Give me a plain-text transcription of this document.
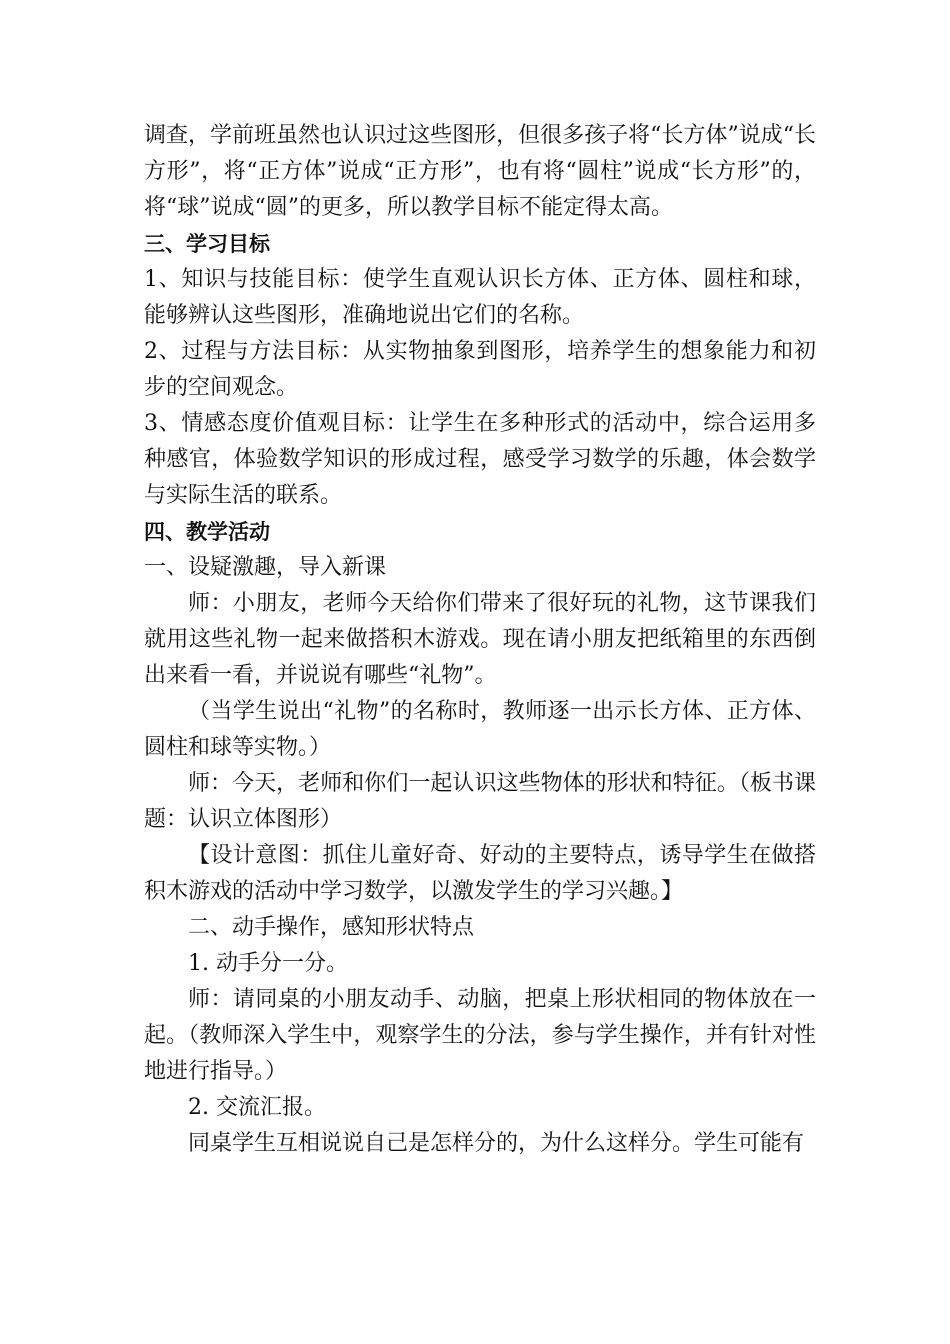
调查，学前班虽然也认识过这些图形，但很多孩子将“长方体”说成“长方形”，将“正方体”说成“正方形”，也有将“圆柱”说成“长方形”的，将“球”说成“圆”的更多，所以教学目标不能定得太高。

三、学习目标

1、知识与技能目标：使学生直观认识长方体、正方体、圆柱和球，能够辨认这些图形，准确地说出它们的名称。

2、过程与方法目标：从实物抽象到图形，培养学生的想象能力和初步的空间观念。

3、情感态度价值观目标：让学生在多种形式的活动中，综合运用多种感官，体验数学知识的形成过程，感受学习数学的乐趣，体会数学与实际生活的联系。

四、教学活动

一、设疑激趣，导入新课

师：小朋友，老师今天给你们带来了很好玩的礼物，这节课我们就用这些礼物一起来做搭积木游戏。现在请小朋友把纸箱里的东西倒出来看一看，并说说有哪些“礼物”。

（当学生说出“礼物”的名称时，教师逐一出示长方体、正方体、圆柱和球等实物。）

师：今天，老师和你们一起认识这些物体的形状和特征。（板书课题：认识立体图形）

【设计意图：抓住儿童好奇、好动的主要特点，诱导学生在做搭积木游戏的活动中学习数学，以激发学生的学习兴趣。】

二、动手操作，感知形状特点

1. 动手分一分。

师：请同桌的小朋友动手、动脑，把桌上形状相同的物体放在一起。（教师深入学生中，观察学生的分法，参与学生操作，并有针对性地进行指导。）

2. 交流汇报。

同桌学生互相说说自己是怎样分的，为什么这样分。学生可能有
